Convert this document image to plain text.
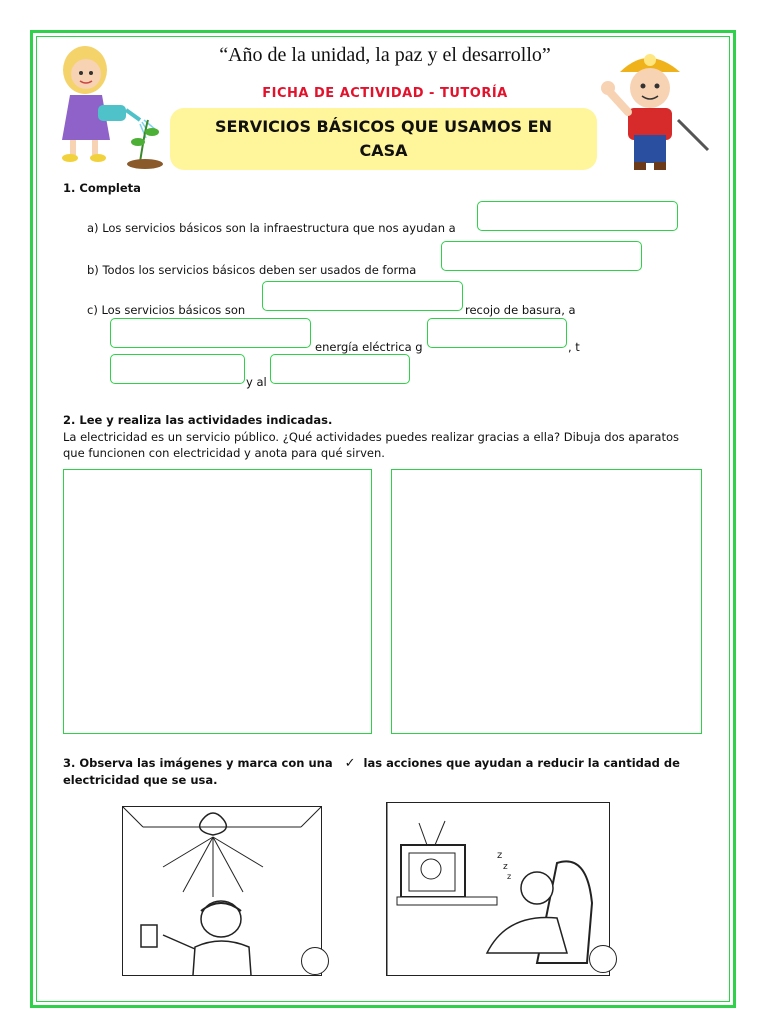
“Año de la unidad, la paz y el desarrollo”
FICHA DE ACTIVIDAD - TUTORÍA
SERVICIOS BÁSICOS QUE USAMOS EN
CASA
1. Completa
a) Los servicios básicos son la infraestructura que nos ayudan a
b) Todos los servicios básicos deben ser usados de forma
c) Los servicios básicos son	recojo de basura, a
energía eléctrica g	, t
y al
2. Lee y realiza las actividades indicadas.
La electricidad es un servicio público. ¿Qué actividades puedes realizar gracias a ella? Dibuja dos aparatos
que funcionen con electricidad y anota para qué sirven.
3. Observa las imágenes y marca con una ✓ las acciones que ayudan a reducir la cantidad de
electricidad que se usa.
z
z
z
